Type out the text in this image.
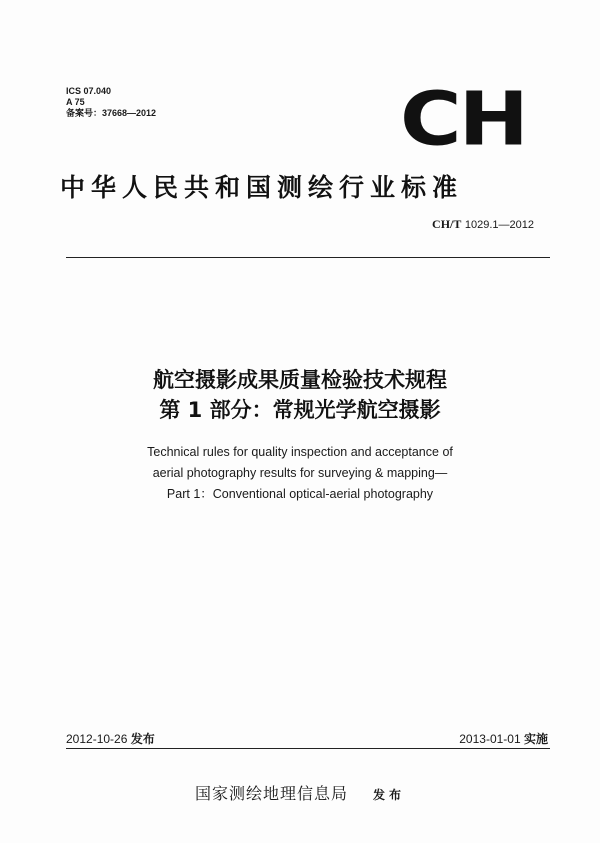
ICS 07.040
A 75
备案号：37668—2012	CH
中华人民共和国测绘行业标准
CH/T 1029.1—2012
航空摄影成果质量检验技术规程
第 1 部分：常规光学航空摄影
Technical rules for quality inspection and acceptance of
aerial photography results for surveying & mapping—
Part 1：Conventional optical-aerial photography
2012-10-26 发布	2013-01-01 实施
国家测绘地理信息局 发布
